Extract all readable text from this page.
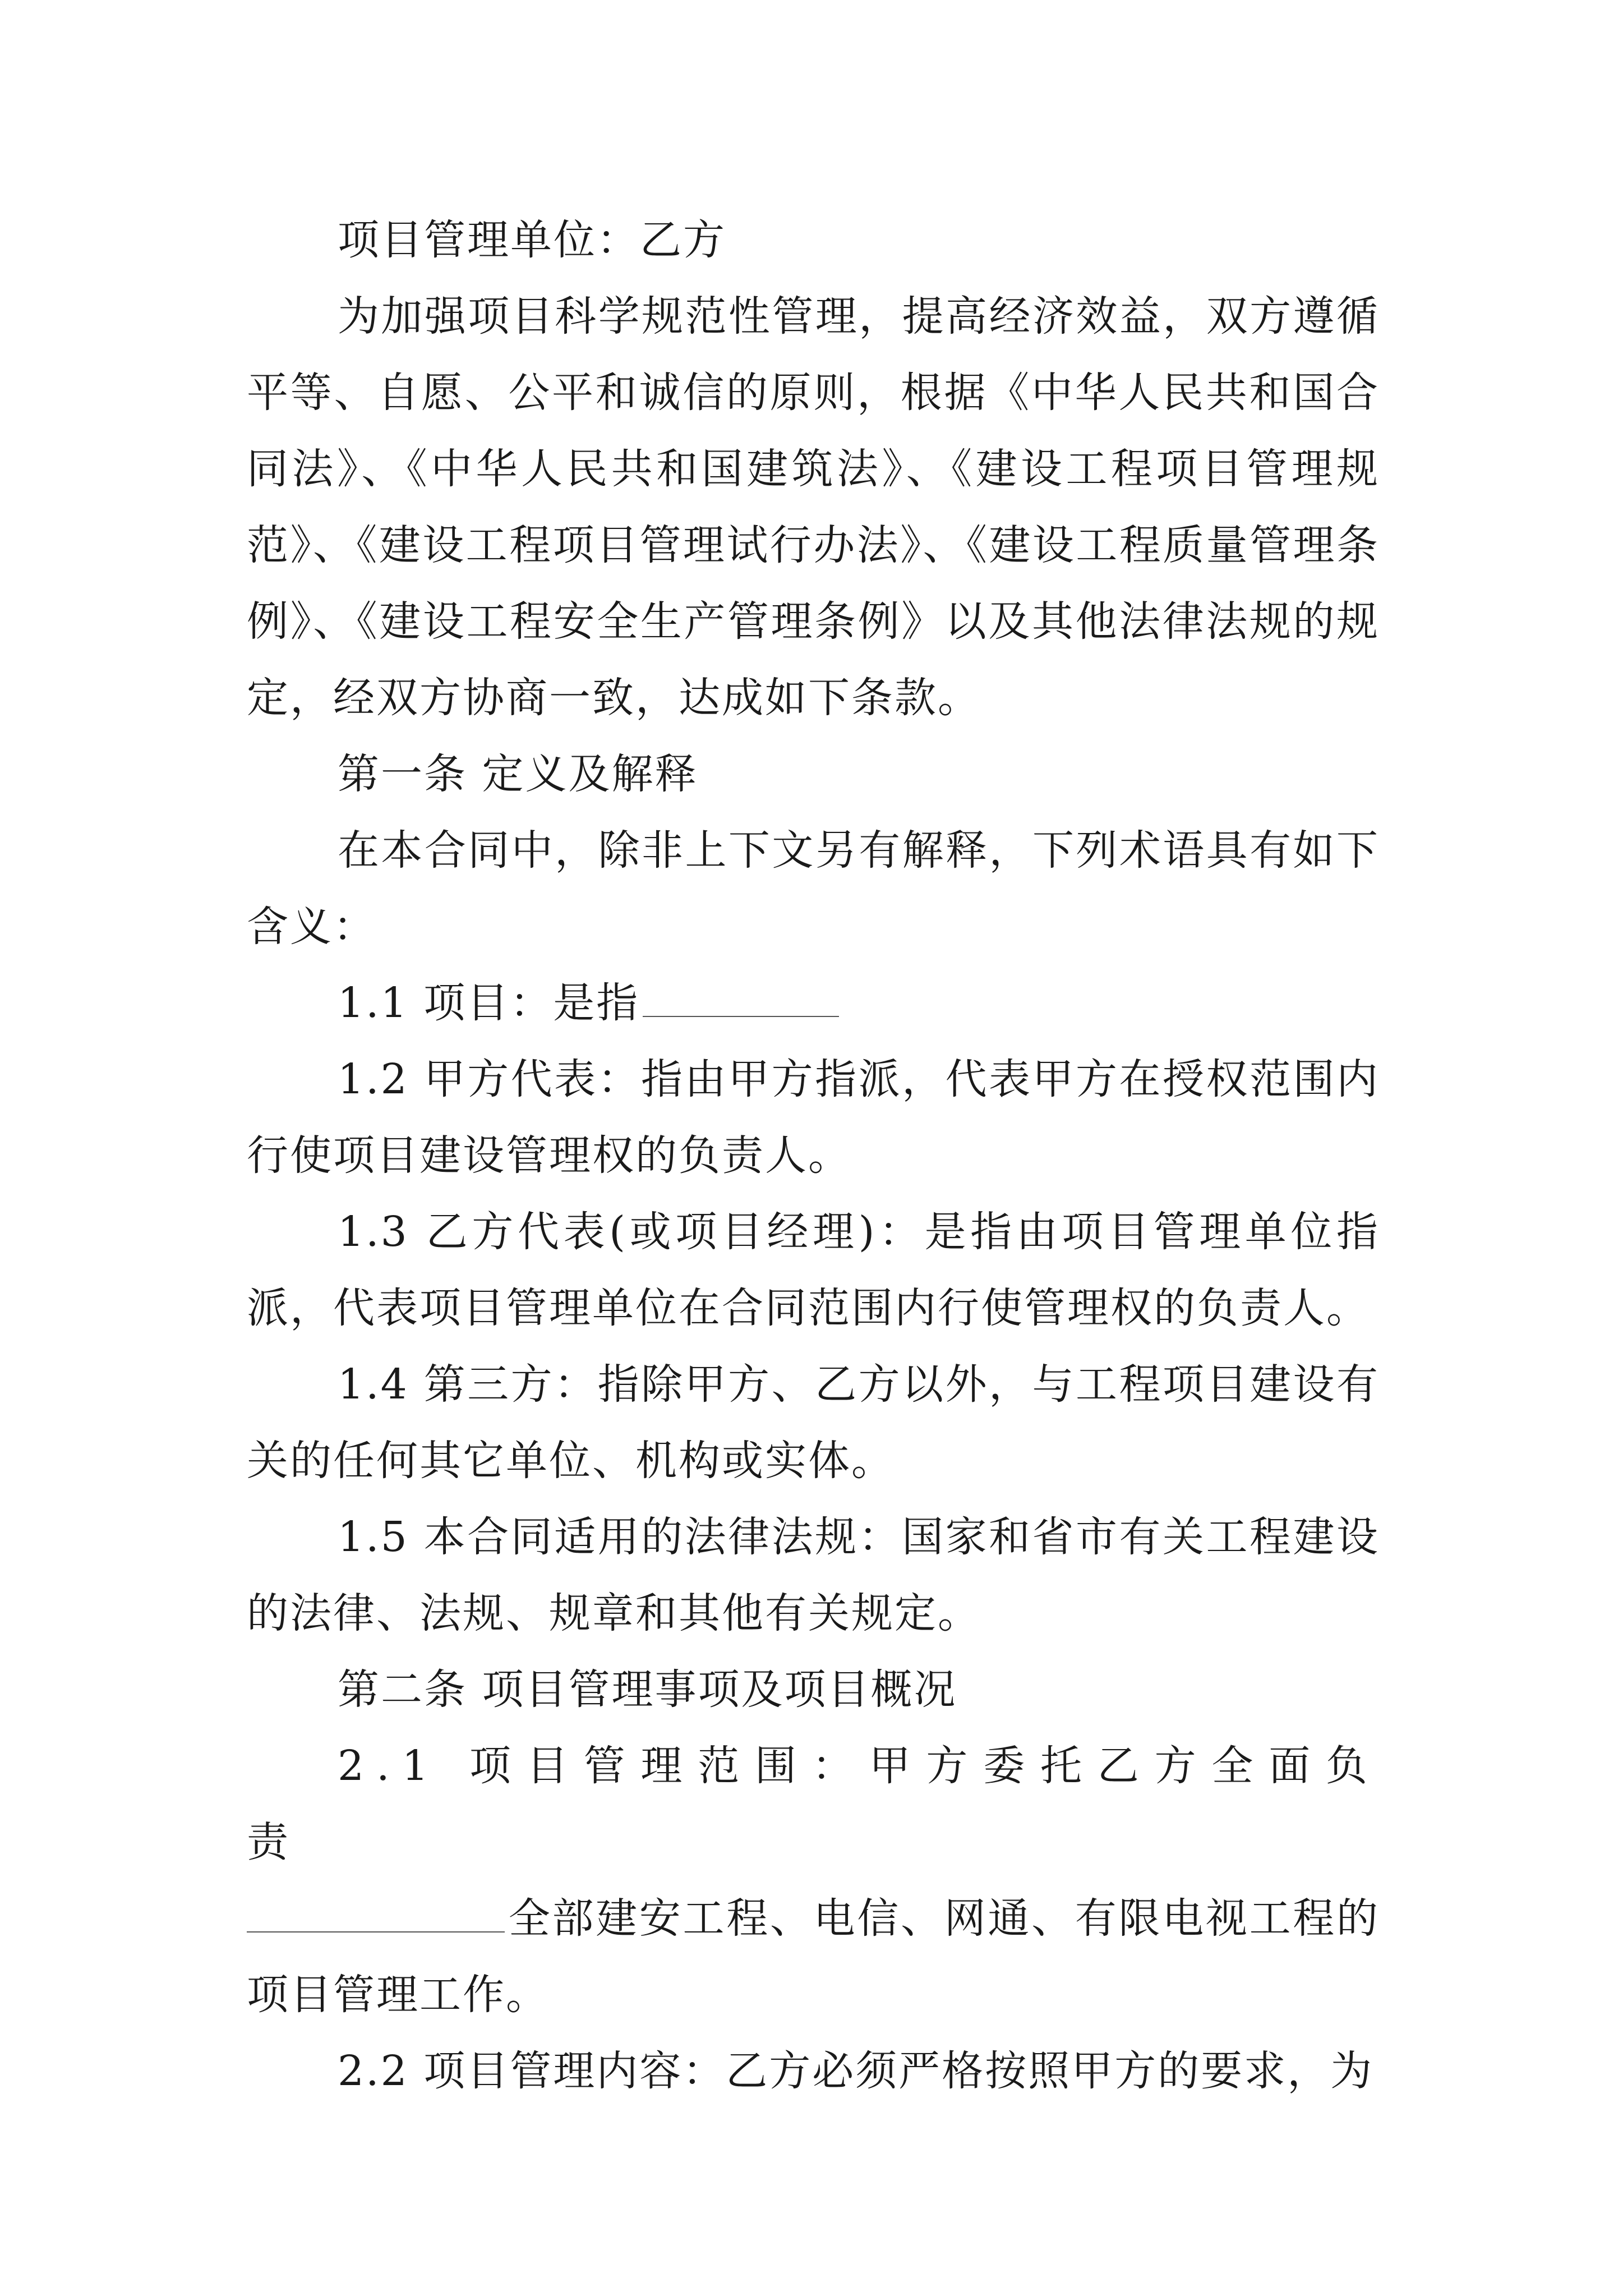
项目管理单位：乙方

为加强项目科学规范性管理，提高经济效益，双方遵循平等、自愿、公平和诚信的原则，根据《中华人民共和国合同法》、《中华人民共和国建筑法》、《建设工程项目管理规范》、《建设工程项目管理试行办法》、《建设工程质量管理条例》、《建设工程安全生产管理条例》以及其他法律法规的规定，经双方协商一致，达成如下条款。

第一条 定义及解释

在本合同中，除非上下文另有解释，下列术语具有如下含义：

1.1 项目：是指

1.2 甲方代表：指由甲方指派，代表甲方在授权范围内行使项目建设管理权的负责人。

1.3 乙方代表(或项目经理)：是指由项目管理单位指派，代表项目管理单位在合同范围内行使管理权的负责人。

1.4 第三方：指除甲方、乙方以外，与工程项目建设有关的任何其它单位、机构或实体。

1.5 本合同适用的法律法规：国家和省市有关工程建设的法律、法规、规章和其他有关规定。

第二条 项目管理事项及项目概况

2.1 项目管理范围：甲方委托乙方全面负责
全部建安工程、电信、网通、有限电视工程的项目管理工作。

2.2 项目管理内容：乙方必须严格按照甲方的要求，为
